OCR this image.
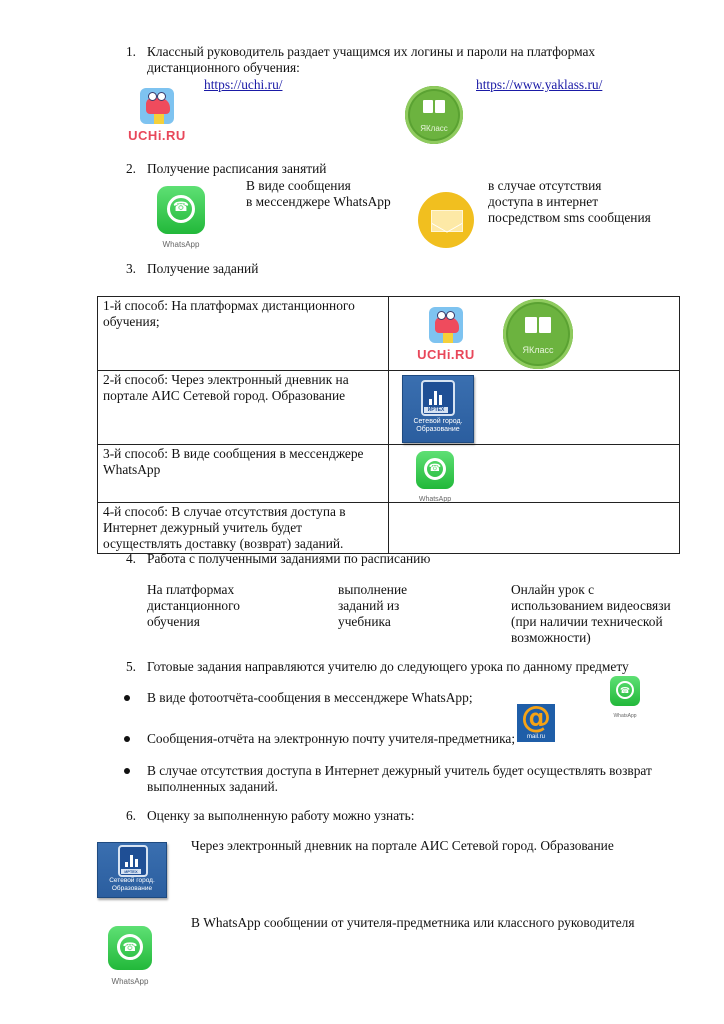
1. Классный руководитель раздает учащимся их логины и пароли на платформах
дистанционного обучения:
https://uchi.ru/	https://www.yaklass.ru/
UCHi.RU	ЯКласс
2. Получение расписания занятий
☎
WhatsApp
В виде сообщения
в мессенджере WhatsApp
в случае отсутствия
доступа в интернет
посредством sms сообщения
3. Получение заданий
1-й способ: На платформах дистанционного обучения;	UCHi.RU ЯКласс

2-й способ: Через электронный дневник на портале АИС Сетевой город. Образование	ИРТЕХ
Сетевой город.
Образование

3-й способ: В виде сообщения в мессенджере WhatsApp	☎
WhatsApp

4-й способ: В случае отсутствия доступа в Интернет дежурный учитель будет осуществлять доставку (возврат) заданий.	
4. Работа с полученными заданиями по расписанию
На платформах
дистанционного
обучения
выполнение
заданий из
учебника
Онлайн урок с
использованием видеосвязи
(при наличии технической
возможности)
5. Готовые задания направляются учителю до следующего урока по данному предмету
В виде фотоотчёта-сообщения в мессенджере WhatsApp;	☎
WhatsApp
Сообщения-отчёта на электронную почту учителя-предметника;
@
mail.ru
В случае отсутствия доступа в Интернет дежурный учитель будет осуществлять возврат
выполненных заданий.
6. Оценку за выполненную работу можно узнать:
ИРТЕХ
Сетевой город.
Образование
Через электронный дневник на портале АИС Сетевой город. Образование
☎
WhatsApp
В WhatsApp сообщении от учителя-предметника или классного руководителя
